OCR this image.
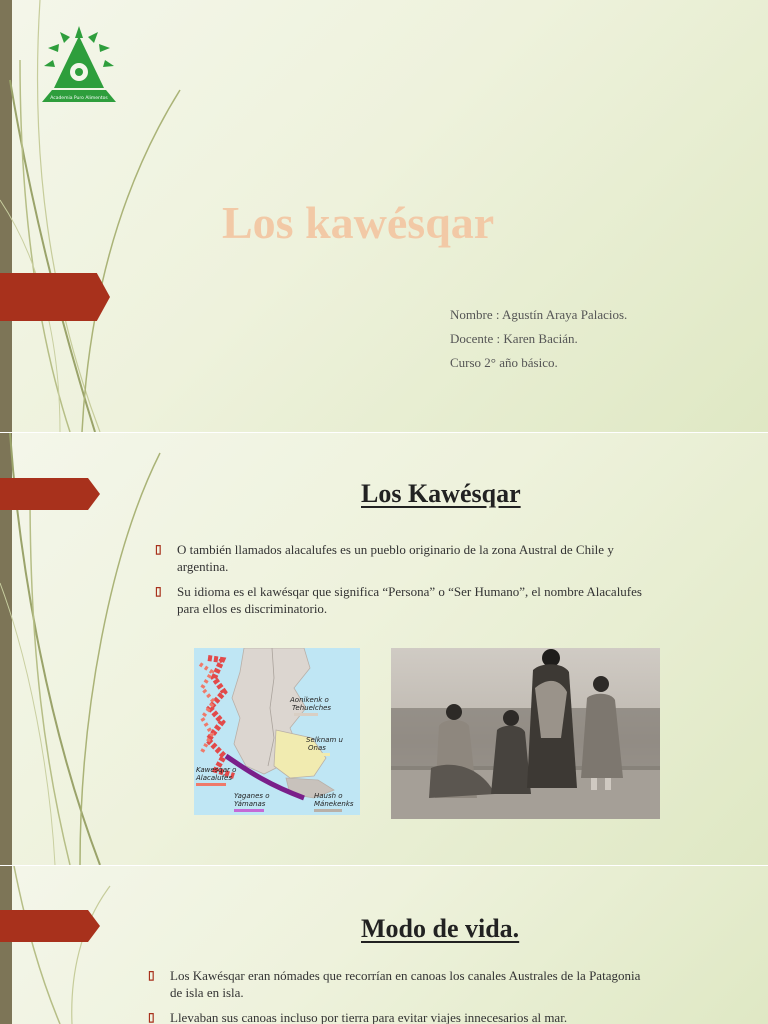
Academia Puro Alimentos
Los kawésqar
Nombre : Agustín Araya Palacios.
Docente : Karen Bacián.
Curso 2° año básico.
Los Kawésqar
▯ O también llamados alacalufes es un pueblo originario de la zona Austral de Chile y
argentina.
▯ Su idioma es el kawésqar que significa “Persona” o “Ser Humano”, el nombre Alacalufes
para ellos es discriminatorio.
Aonikenk o
Tehuelches
Selknam u
Onas
Kawesqar o
Alacalufes
Yaganes o
Yámanas
Haush o
Mánekenks
Modo de vida.
▯ Los Kawésqar eran nómades que recorrían en canoas los canales Australes de la Patagonia
de isla en isla.
▯ Llevaban sus canoas incluso por tierra para evitar viajes innecesarios al mar.
